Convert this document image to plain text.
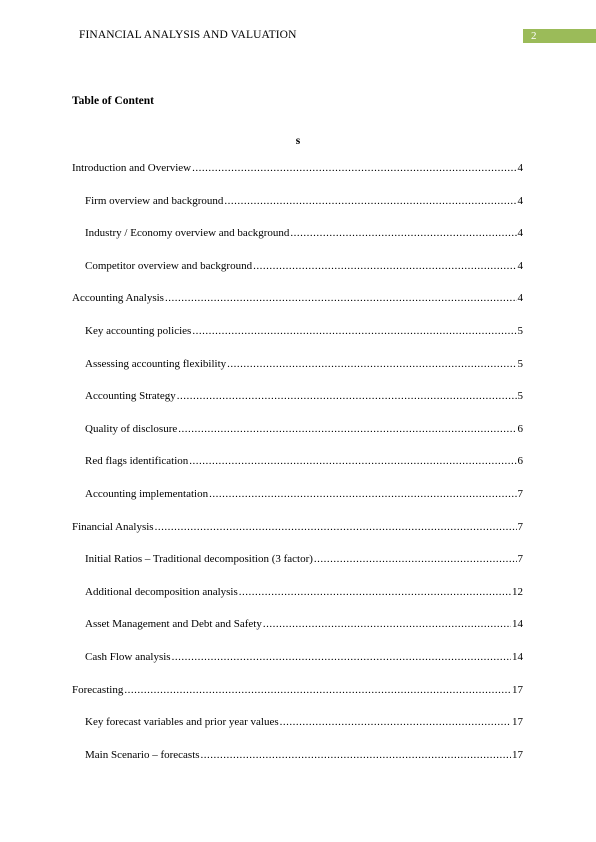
FINANCIAL ANALYSIS AND VALUATION	2
Table of Content
s
Introduction and Overview .....	4
Firm overview and background .....	4
Industry / Economy overview and background .....	4
Competitor overview and background .....	4
Accounting Analysis .....	4
Key accounting policies .....	5
Assessing accounting flexibility .....	5
Accounting Strategy .....	5
Quality of disclosure .....	6
Red flags identification .....	6
Accounting implementation .....	7
Financial Analysis .....	7
Initial Ratios – Traditional decomposition (3 factor) .....	7
Additional decomposition analysis .....	12
Asset Management and Debt and Safety .....	14
Cash Flow analysis .....	14
Forecasting .....	17
Key forecast variables and prior year values .....	17
Main Scenario – forecasts .....	17
